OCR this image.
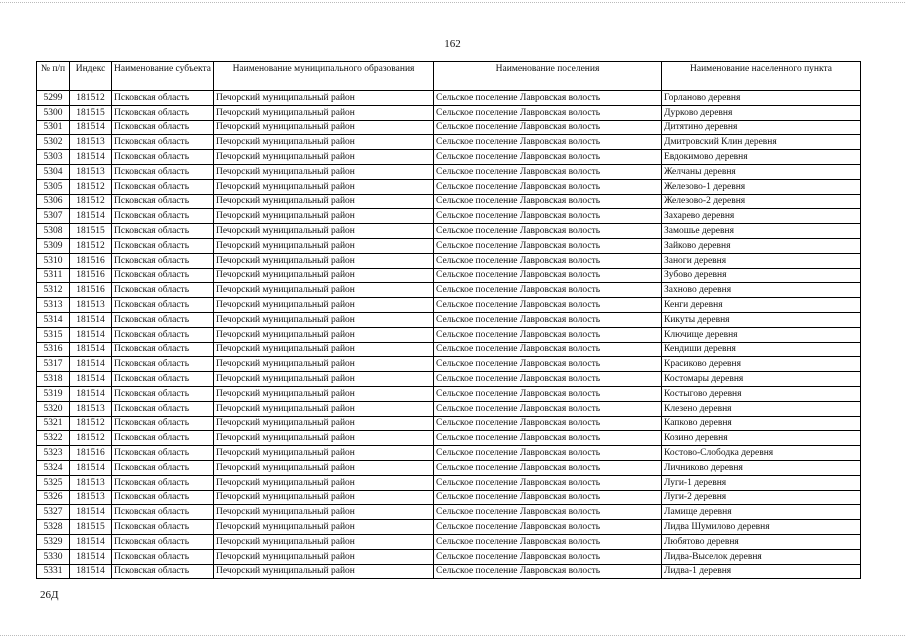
162
№ п/п	Индекс	Наименование субъекта	Наименование муниципального образования	Наименование поселения	Наименование населенного пункта
5299	181512	Псковская область	Печорский муниципальный район	Сельское поселение Лавровская волость	Горланово деревня
5300	181515	Псковская область	Печорский муниципальный район	Сельское поселение Лавровская волость	Дурково деревня
5301	181514	Псковская область	Печорский муниципальный район	Сельское поселение Лавровская волость	Дитятино деревня
5302	181513	Псковская область	Печорский муниципальный район	Сельское поселение Лавровская волость	Дмитровский Клин деревня
5303	181514	Псковская область	Печорский муниципальный район	Сельское поселение Лавровская волость	Евдокимово деревня
5304	181513	Псковская область	Печорский муниципальный район	Сельское поселение Лавровская волость	Желчаны деревня
5305	181512	Псковская область	Печорский муниципальный район	Сельское поселение Лавровская волость	Железово-1 деревня
5306	181512	Псковская область	Печорский муниципальный район	Сельское поселение Лавровская волость	Железово-2 деревня
5307	181514	Псковская область	Печорский муниципальный район	Сельское поселение Лавровская волость	Захарево деревня
5308	181515	Псковская область	Печорский муниципальный район	Сельское поселение Лавровская волость	Замошье деревня
5309	181512	Псковская область	Печорский муниципальный район	Сельское поселение Лавровская волость	Зайково деревня
5310	181516	Псковская область	Печорский муниципальный район	Сельское поселение Лавровская волость	Заноги деревня
5311	181516	Псковская область	Печорский муниципальный район	Сельское поселение Лавровская волость	Зубово деревня
5312	181516	Псковская область	Печорский муниципальный район	Сельское поселение Лавровская волость	Захново деревня
5313	181513	Псковская область	Печорский муниципальный район	Сельское поселение Лавровская волость	Кенги деревня
5314	181514	Псковская область	Печорский муниципальный район	Сельское поселение Лавровская волость	Кикуты деревня
5315	181514	Псковская область	Печорский муниципальный район	Сельское поселение Лавровская волость	Ключище деревня
5316	181514	Псковская область	Печорский муниципальный район	Сельское поселение Лавровская волость	Кендиши деревня
5317	181514	Псковская область	Печорский муниципальный район	Сельское поселение Лавровская волость	Красиково деревня
5318	181514	Псковская область	Печорский муниципальный район	Сельское поселение Лавровская волость	Костомары деревня
5319	181514	Псковская область	Печорский муниципальный район	Сельское поселение Лавровская волость	Костыгово деревня
5320	181513	Псковская область	Печорский муниципальный район	Сельское поселение Лавровская волость	Клезено деревня
5321	181512	Псковская область	Печорский муниципальный район	Сельское поселение Лавровская волость	Капково деревня
5322	181512	Псковская область	Печорский муниципальный район	Сельское поселение Лавровская волость	Козино деревня
5323	181516	Псковская область	Печорский муниципальный район	Сельское поселение Лавровская волость	Костово-Слободка деревня
5324	181514	Псковская область	Печорский муниципальный район	Сельское поселение Лавровская волость	Личниково деревня
5325	181513	Псковская область	Печорский муниципальный район	Сельское поселение Лавровская волость	Луги-1 деревня
5326	181513	Псковская область	Печорский муниципальный район	Сельское поселение Лавровская волость	Луги-2 деревня
5327	181514	Псковская область	Печорский муниципальный район	Сельское поселение Лавровская волость	Ламище деревня
5328	181515	Псковская область	Печорский муниципальный район	Сельское поселение Лавровская волость	Лидва Шумилово деревня
5329	181514	Псковская область	Печорский муниципальный район	Сельское поселение Лавровская волость	Любятово деревня
5330	181514	Псковская область	Печорский муниципальный район	Сельское поселение Лавровская волость	Лидва-Выселок деревня
5331	181514	Псковская область	Печорский муниципальный район	Сельское поселение Лавровская волость	Лидва-1 деревня
26Д
